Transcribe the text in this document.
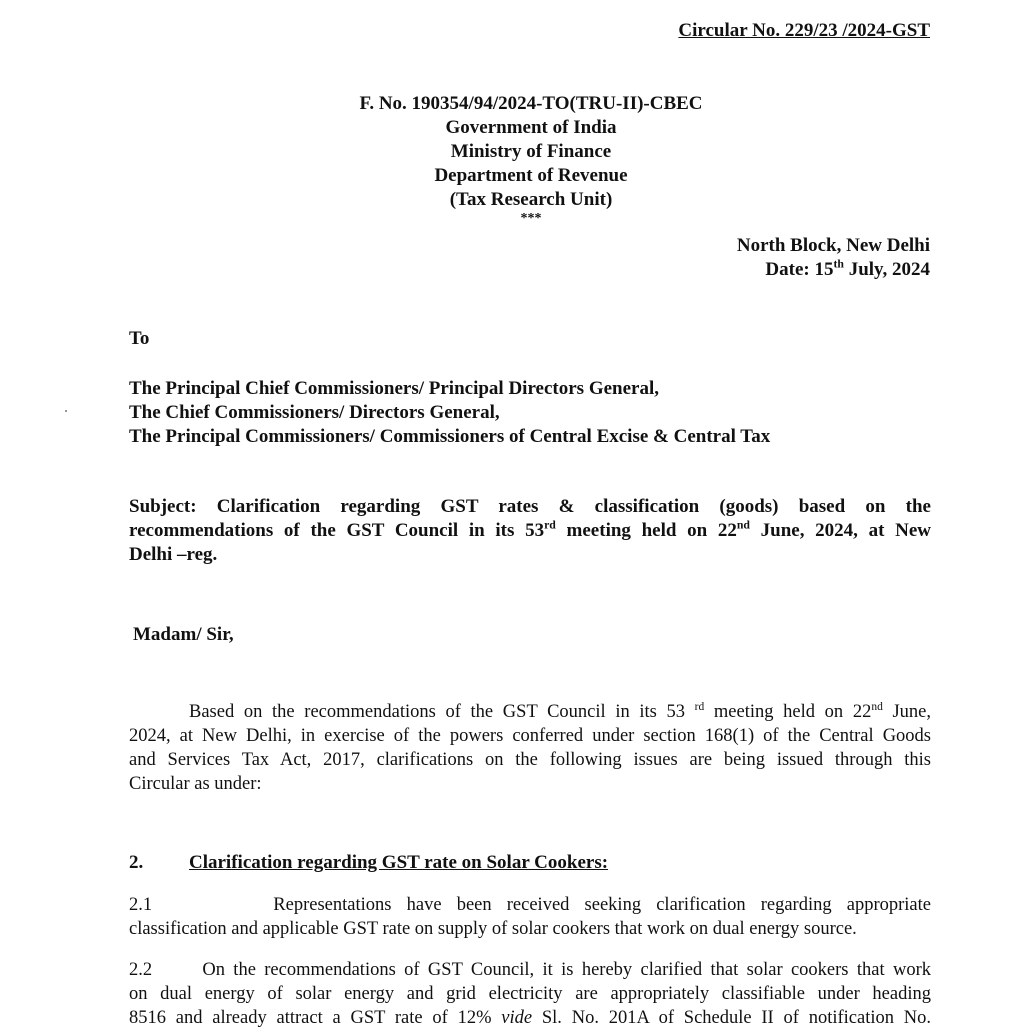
Circular No. 229/23 /2024-GST
F. No. 190354/94/2024-TO(TRU-II)-CBEC
Government of India
Ministry of Finance
Department of Revenue
(Tax Research Unit)
***
North Block, New Delhi
Date: 15th July, 2024
To
The Principal Chief Commissioners/ Principal Directors General,
The Chief Commissioners/ Directors General,
The Principal Commissioners/ Commissioners of Central Excise & Central Tax
Subject: Clarification regarding GST rates & classification (goods) based on the
recommendations of the GST Council in its 53rd meeting held on 22nd June, 2024, at New
Delhi –reg.
Madam/ Sir,
Based on the recommendations of the GST Council in its 53 $^{rd}$ meeting held on 22nd June,
2024, at New Delhi, in exercise of the powers conferred under section 168(1) of the Central Goods
and Services Tax Act, 2017, clarifications on the following issues are being issued through this
Circular as under:
2. Clarification regarding GST rate on Solar Cookers:
2.1        Representations have been received seeking clarification regarding appropriate
classification and applicable GST rate on supply of solar cookers that work on dual energy source.
2.2      On the recommendations of GST Council, it is hereby clarified that solar cookers that work
on dual energy of solar energy and grid electricity are appropriately classifiable under heading
8516 and already attract a GST rate of 12% vide Sl. No. 201A of Schedule II of notification No.
